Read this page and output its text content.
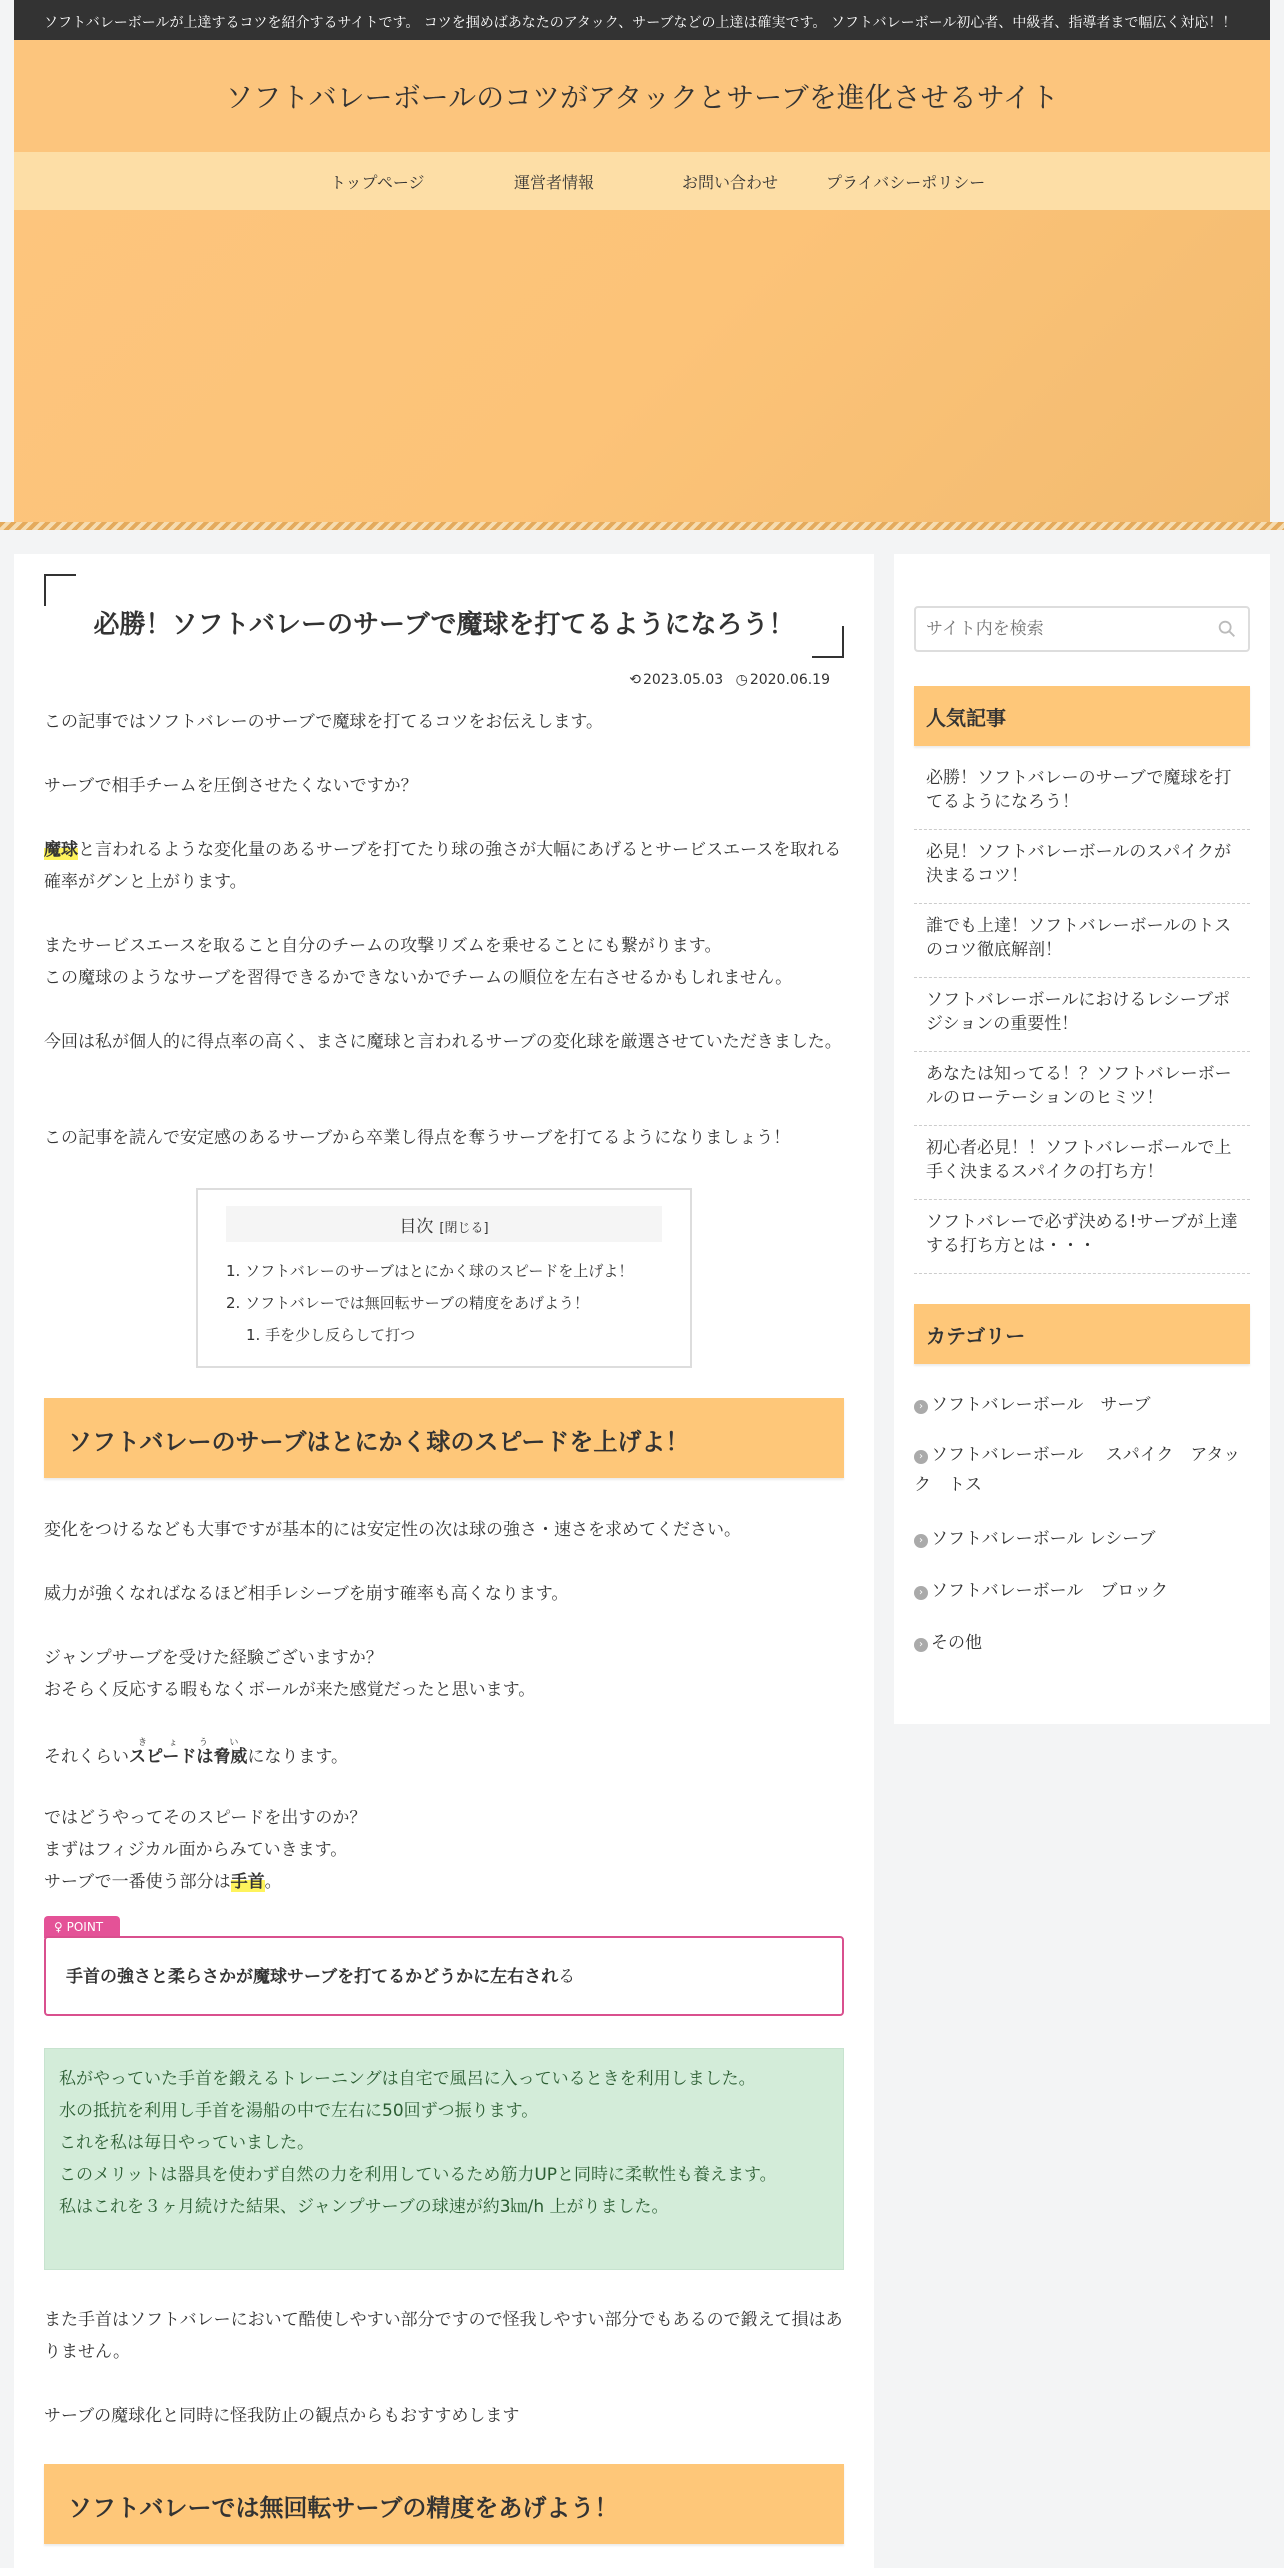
ソフトバレーボールが上達するコツを紹介するサイトです。 コツを掴めばあなたのアタック、サーブなどの上達は確実です。 ソフトバレーボール初心者、中級者、指導者まで幅広く対応！！
ソフトバレーボールのコツがアタックとサーブを進化させるサイト
トップページ	運営者情報	お問い合わせ	プライバシーポリシー
必勝！ソフトバレーのサーブで魔球を打てるようになろう！
⟲ 2023.05.03 ◷ 2020.06.19

この記事ではソフトバレーのサーブで魔球を打てるコツをお伝えします。

サーブで相手チームを圧倒させたくないですか？

魔球と言われるような変化量のあるサーブを打てたり球の強さが大幅にあげるとサービスエースを取れる確率がグンと上がります。

またサービスエースを取ること自分のチームの攻撃リズムを乗せることにも繋がります。
この魔球のようなサーブを習得できるかできないかでチームの順位を左右させるかもしれません。

今回は私が個人的に得点率の高く、まさに魔球と言われるサーブの変化球を厳選させていただきました。

この記事を読んで安定感のあるサーブから卒業し得点を奪うサーブを打てるようになりましょう！

目次 [閉じる]
1. ソフトバレーのサーブはとにかく球のスピードを上げよ！
2. ソフトバレーでは無回転サーブの精度をあげよう！
1. 手を少し反らして打つ
ソフトバレーのサーブはとにかく球のスピードを上げよ！

変化をつけるなども大事ですが基本的には安定性の次は球の強さ・速さを求めてください。

威力が強くなればなるほど相手レシーブを崩す確率も高くなります。

ジャンプサーブを受けた経験ございますか？
おそらく反応する暇もなくボールが来た感覚だったと思います。

それくらいスピードは脅威きょういになります。

ではどうやってそのスピードを出すのか？
まずはフィジカル面からみていきます。
サーブで一番使う部分は手首。

♀ POINT
手首の強さと柔らさかが魔球サーブを打てるかどうかに左右される
私がやっていた手首を鍛えるトレーニングは自宅で風呂に入っているときを利用しました。
水の抵抗を利用し手首を湯船の中で左右に50回ずつ振ります。
これを私は毎日やっていました。
このメリットは器具を使わず自然の力を利用しているため筋力UPと同時に柔軟性も養えます。
私はこれを３ヶ月続けた結果、ジャンプサーブの球速が約3㎞/h 上がりました。

また手首はソフトバレーにおいて酷使しやすい部分ですので怪我しやすい部分でもあるので鍛えて損はありません。

サーブの魔球化と同時に怪我防止の観点からもおすすめします

ソフトバレーでは無回転サーブの精度をあげよう！
サイト内を検索
人気記事
必勝！ソフトバレーのサーブで魔球を打てるようになろう！
必見！ソフトバレーボールのスパイクが決まるコツ！
誰でも上達！ソフトバレーボールのトスのコツ徹底解剖！
ソフトバレーボールにおけるレシーブポジションの重要性！
あなたは知ってる！？ソフトバレーボールのローテーションのヒミツ！
初心者必見！！ソフトバレーボールで上手く決まるスパイクの打ち方！
ソフトバレーで必ず決める!サーブが上達する打ち方とは・・・
カテゴリー
› ソフトバレーボール　サーブ
› ソフトバレーボール　 スパイク　アタック　トス
› ソフトバレーボール レシーブ
› ソフトバレーボール　ブロック
› その他
